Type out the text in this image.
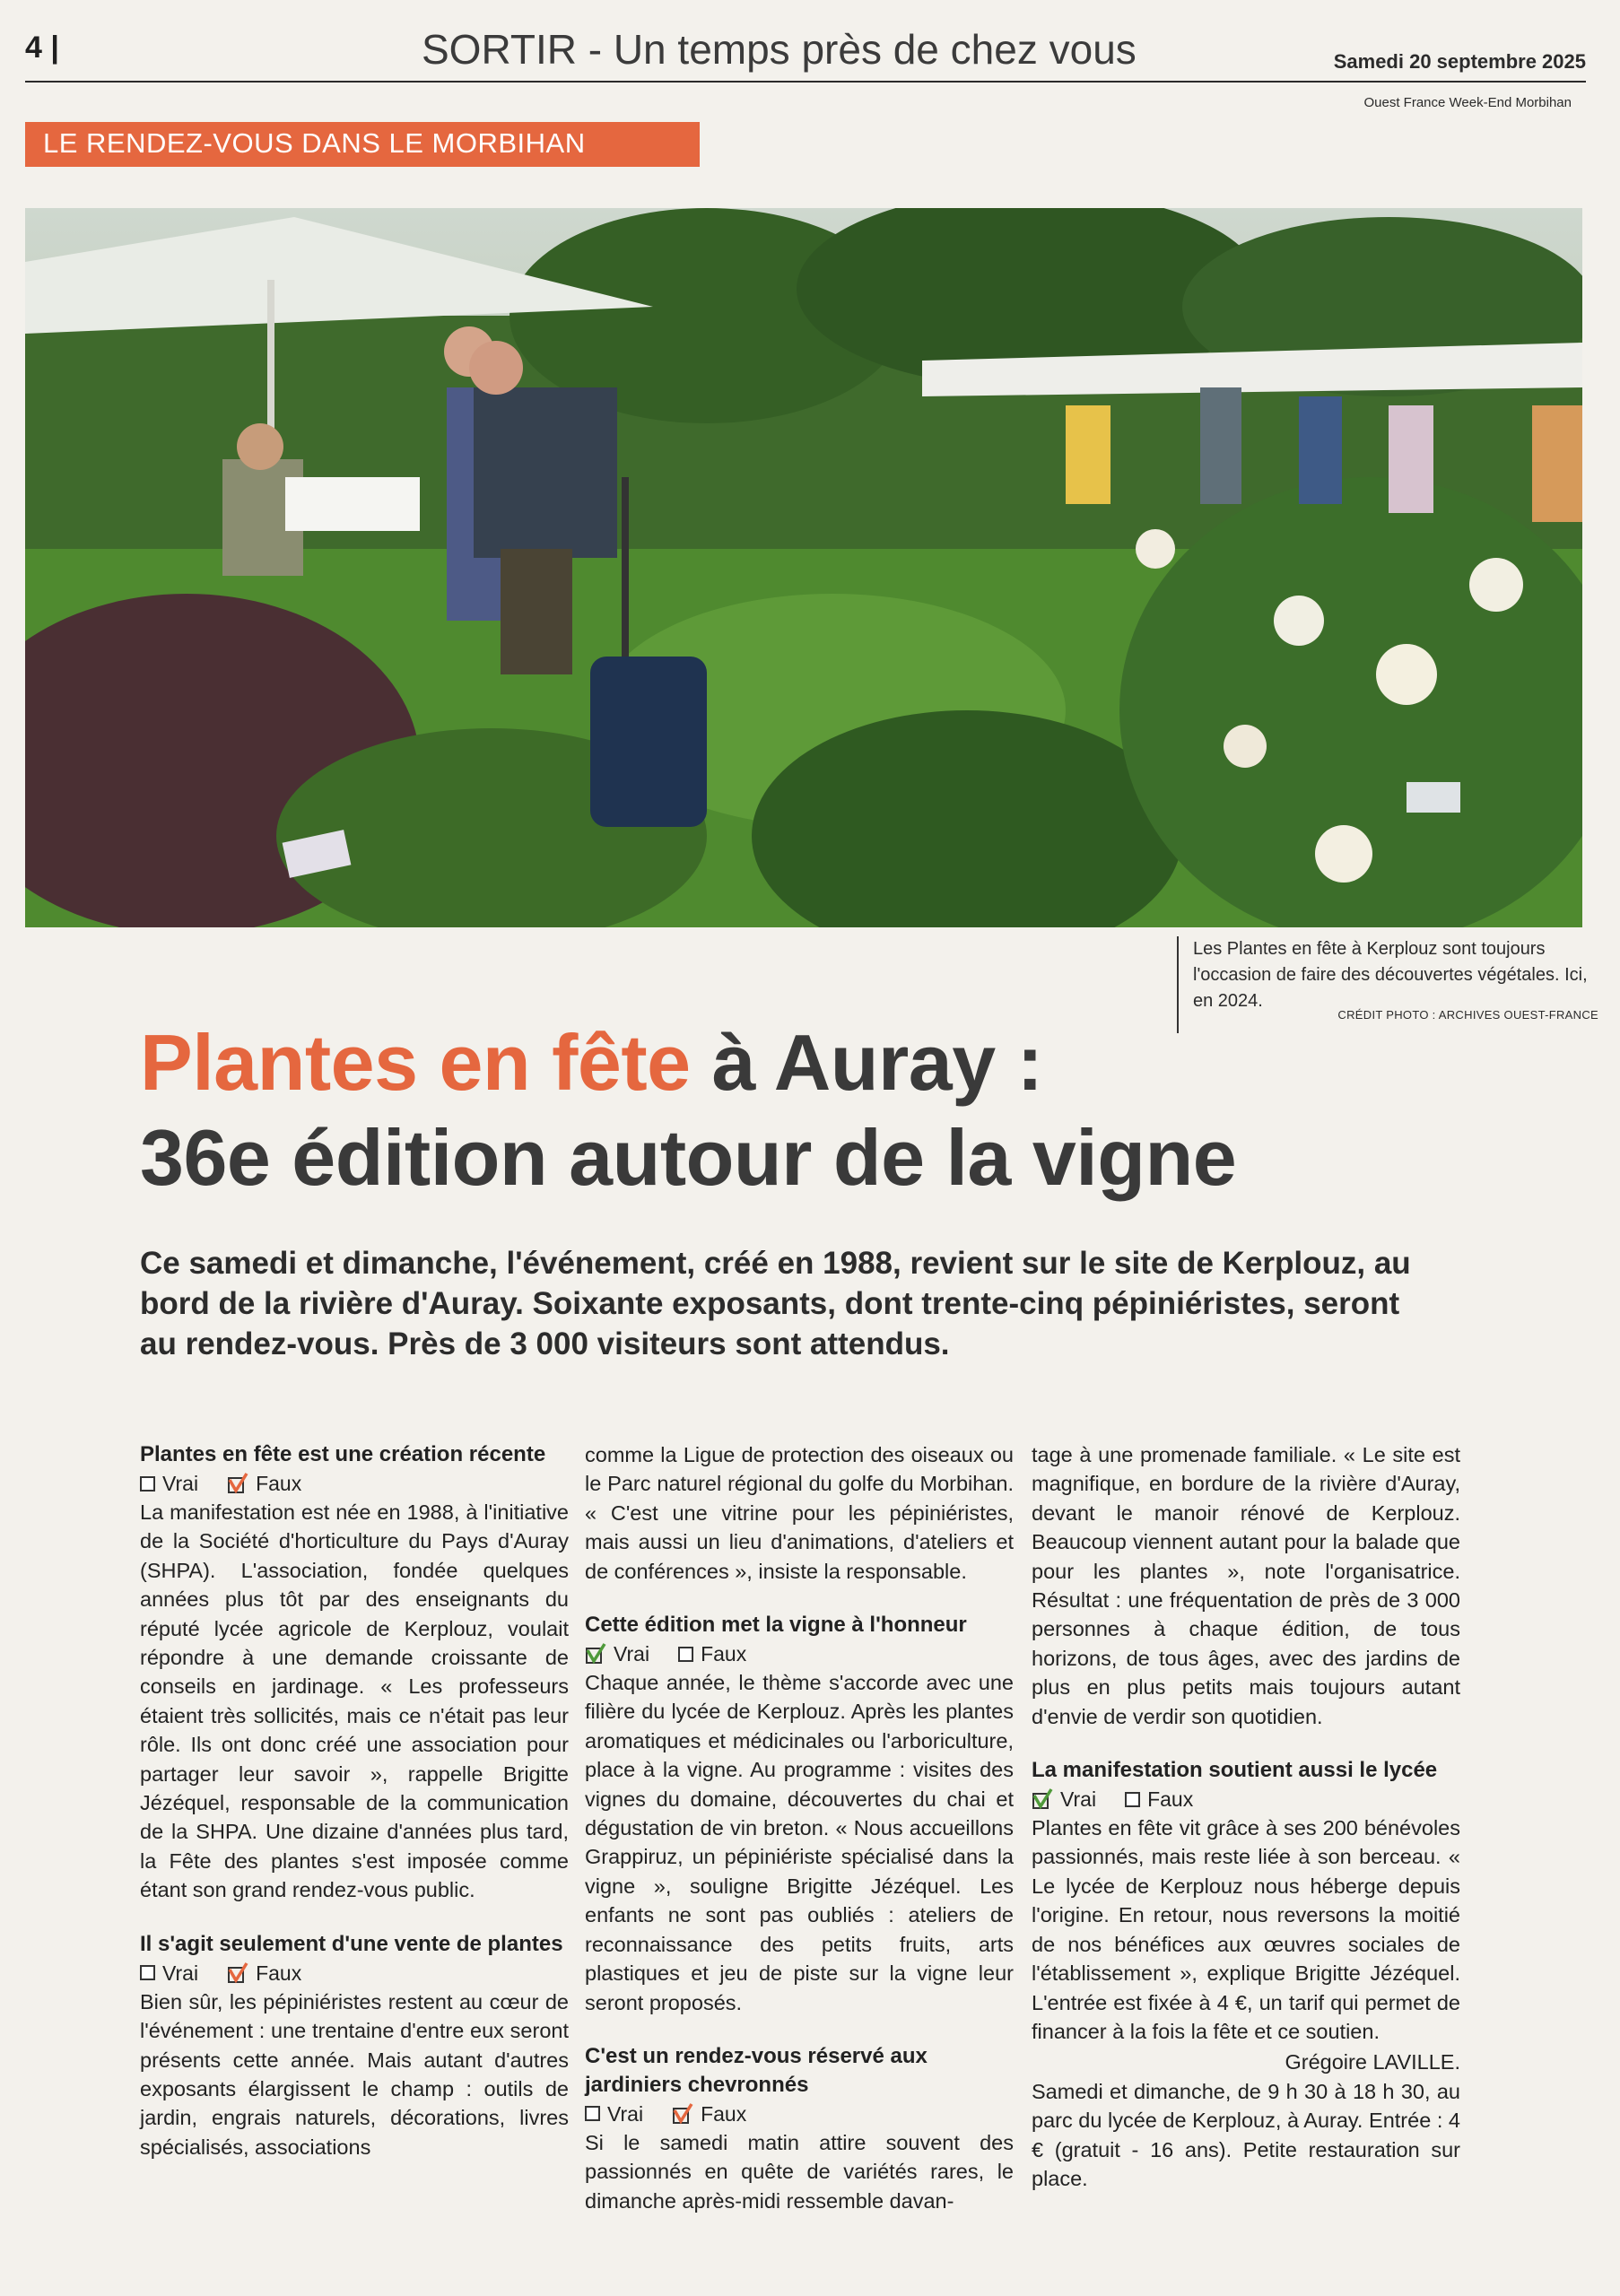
4 |	SORTIR - Un temps près de chez vous	Samedi 20 septembre 2025
Ouest France Week-End Morbihan
LE RENDEZ-VOUS DANS LE MORBIHAN
Les Plantes en fête à Kerplouz sont toujours l'occasion de faire des découvertes végétales. Ici, en 2024.
CRÉDIT PHOTO : ARCHIVES OUEST-FRANCE
Plantes en fête à Auray :
36e édition autour de la vigne
Ce samedi et dimanche, l'événement, créé en 1988, revient sur le site de Kerplouz, au bord de la rivière d'Auray. Soixante exposants, dont trente-cinq pépiniéristes, seront au rendez-vous. Près de 3 000 visiteurs sont attendus.
Plantes en fête est une création récente
Vrai	Faux

La manifestation est née en 1988, à l'initiative de la Société d'horticulture du Pays d'Auray (SHPA). L'association, fondée quelques années plus tôt par des enseignants du réputé lycée agricole de Kerplouz, voulait répondre à une demande croissante de conseils en jardinage. « Les professeurs étaient très sollicités, mais ce n'était pas leur rôle. Ils ont donc créé une association pour partager leur savoir », rappelle Brigitte Jézéquel, responsable de la communication de la SHPA. Une dizaine d'années plus tard, la Fête des plantes s'est imposée comme étant son grand rendez-vous public.

Il s'agit seulement d'une vente de plantes
Vrai	Faux

Bien sûr, les pépiniéristes restent au cœur de l'événement : une trentaine d'entre eux seront présents cette année. Mais autant d'autres exposants élargissent le champ : outils de jardin, engrais naturels, décorations, livres spécialisés, associations

comme la Ligue de protection des oiseaux ou le Parc naturel régional du golfe du Morbihan. « C'est une vitrine pour les pépiniéristes, mais aussi un lieu d'animations, d'ateliers et de conférences », insiste la responsable.

Cette édition met la vigne à l'honneur
Vrai Faux

Chaque année, le thème s'accorde avec une filière du lycée de Kerplouz. Après les plantes aromatiques et médicinales ou l'arboriculture, place à la vigne. Au programme : visites des vignes du domaine, découvertes du chai et dégustation de vin breton. « Nous accueillons Grappiruz, un pépiniériste spécialisé dans la vigne », souligne Brigitte Jézéquel. Les enfants ne sont pas oubliés : ateliers de reconnaissance des petits fruits, arts plastiques et jeu de piste sur la vigne leur seront proposés.

C'est un rendez-vous réservé aux jardiniers chevronnés
Vrai	Faux

Si le samedi matin attire souvent des passionnés en quête de variétés rares, le dimanche après-midi ressemble davan-

tage à une promenade familiale. « Le site est magnifique, en bordure de la rivière d'Auray, devant le manoir rénové de Kerplouz. Beaucoup viennent autant pour la balade que pour les plantes », note l'organisatrice. Résultat : une fréquentation de près de 3 000 personnes à chaque édition, de tous horizons, de tous âges, avec des jardins de plus en plus petits mais toujours autant d'envie de verdir son quotidien.

La manifestation soutient aussi le lycée
Vrai Faux

Plantes en fête vit grâce à ses 200 bénévoles passionnés, mais reste liée à son berceau. « Le lycée de Kerplouz nous héberge depuis l'origine. En retour, nous reversons la moitié de nos bénéfices aux œuvres sociales de l'établissement », explique Brigitte Jézéquel. L'entrée est fixée à 4 €, un tarif qui permet de financer à la fois la fête et ce soutien.

Grégoire LAVILLE.

Samedi et dimanche, de 9 h 30 à 18 h 30, au parc du lycée de Kerplouz, à Auray. Entrée : 4 € (gratuit - 16 ans). Petite restauration sur place.
